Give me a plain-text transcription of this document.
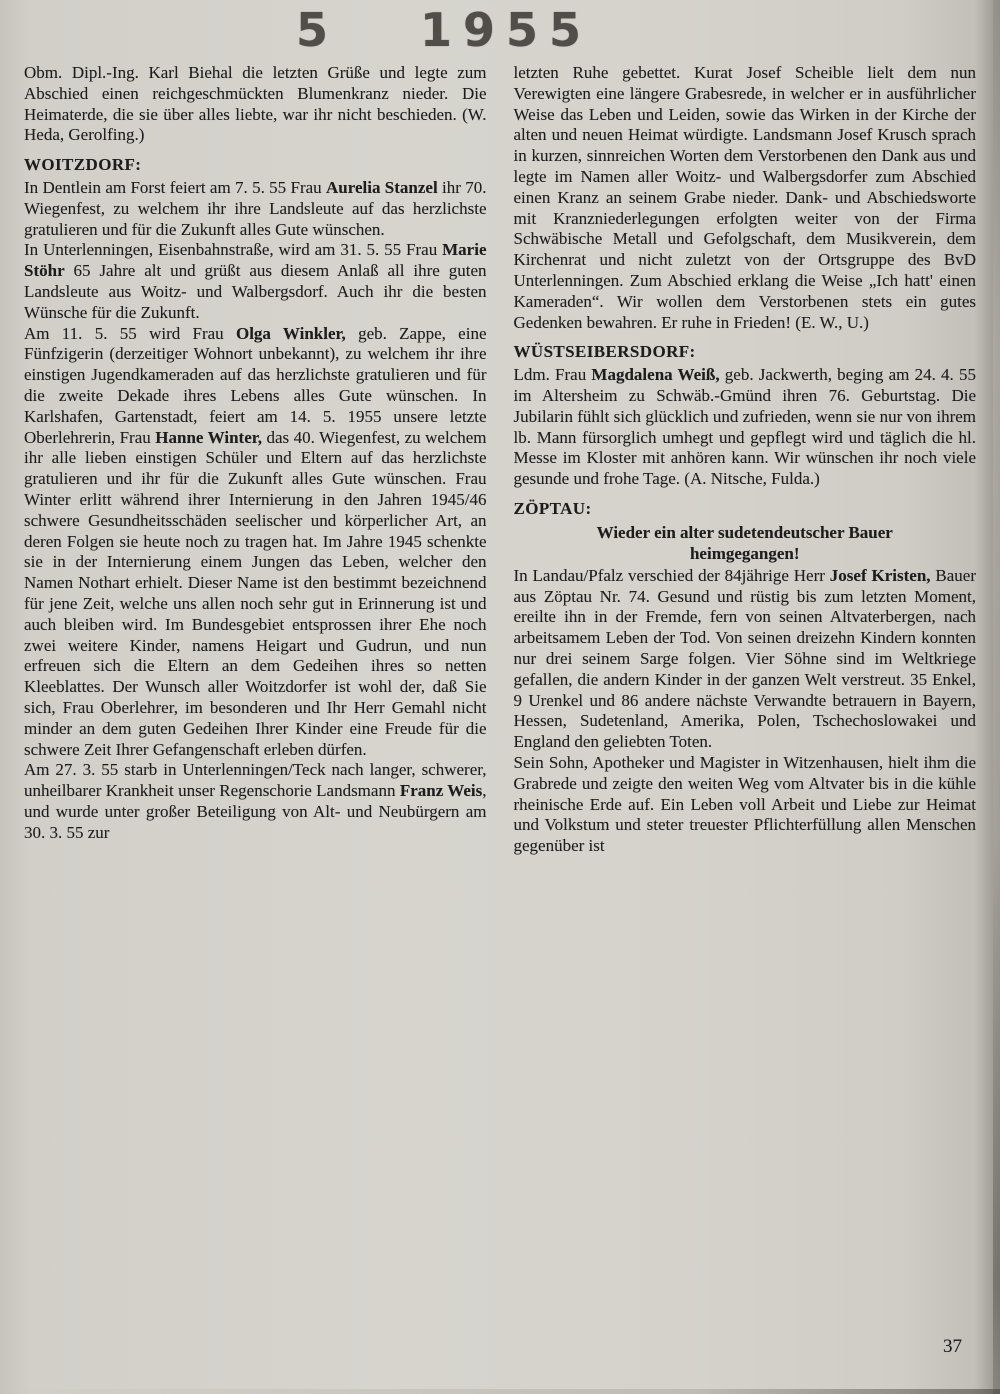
5 1955

Obm. Dipl.-Ing. Karl Biehal die letzten Grüße und legte zum Abschied einen reichgeschmückten Blumenkranz nieder. Die Heimaterde, die sie über alles liebte, war ihr nicht beschieden. (W. Heda, Gerolfing.)

WOITZDORF:

In Dentlein am Forst feiert am 7. 5. 55 Frau Aurelia Stanzel ihr 70. Wiegenfest, zu welchem ihr ihre Landsleute auf das herzlichste gratulieren und für die Zukunft alles Gute wünschen.

In Unterlenningen, Eisenbahnstraße, wird am 31. 5. 55 Frau Marie Stöhr 65 Jahre alt und grüßt aus diesem Anlaß all ihre guten Landsleute aus Woitz- und Walbergsdorf. Auch ihr die besten Wünsche für die Zukunft.

Am 11. 5. 55 wird Frau Olga Winkler, geb. Zappe, eine Fünfzigerin (derzeitiger Wohnort unbekannt), zu welchem ihr ihre einstigen Jugendkameraden auf das herzlichste gratulieren und für die zweite Dekade ihres Lebens alles Gute wünschen. In Karlshafen, Gartenstadt, feiert am 14. 5. 1955 unsere letzte Oberlehrerin, Frau Hanne Winter, das 40. Wiegenfest, zu welchem ihr alle lieben einstigen Schüler und Eltern auf das herzlichste gratulieren und ihr für die Zukunft alles Gute wünschen. Frau Winter erlitt während ihrer Internierung in den Jahren 1945/46 schwere Gesundheitsschäden seelischer und körperlicher Art, an deren Folgen sie heute noch zu tragen hat. Im Jahre 1945 schenkte sie in der Internierung einem Jungen das Leben, welcher den Namen Nothart erhielt. Dieser Name ist den bestimmt bezeichnend für jene Zeit, welche uns allen noch sehr gut in Erinnerung ist und auch bleiben wird. Im Bundesgebiet entsprossen ihrer Ehe noch zwei weitere Kinder, namens Heigart und Gudrun, und nun erfreuen sich die Eltern an dem Gedeihen ihres so netten Kleeblattes. Der Wunsch aller Woitzdorfer ist wohl der, daß Sie sich, Frau Oberlehrer, im besonderen und Ihr Herr Gemahl nicht minder an dem guten Gedeihen Ihrer Kinder eine Freude für die schwere Zeit Ihrer Gefangenschaft erleben dürfen.

Am 27. 3. 55 starb in Unterlenningen/Teck nach langer, schwerer, unheilbarer Krankheit unser Regenschorie Landsmann Franz Weis, und wurde unter großer Beteiligung von Alt- und Neubürgern am 30. 3. 55 zur

letzten Ruhe gebettet. Kurat Josef Scheible lielt dem nun Verewigten eine längere Grabesrede, in welcher er in ausführlicher Weise das Leben und Leiden, sowie das Wirken in der Kirche der alten und neuen Heimat würdigte. Landsmann Josef Krusch sprach in kurzen, sinnreichen Worten dem Verstorbenen den Dank aus und legte im Namen aller Woitz- und Walbergsdorfer zum Abschied einen Kranz an seinem Grabe nieder. Dank- und Abschiedsworte mit Kranzniederlegungen erfolgten weiter von der Firma Schwäbische Metall und Gefolgschaft, dem Musikverein, dem Kirchenrat und nicht zuletzt von der Ortsgruppe des BvD Unterlenningen. Zum Abschied erklang die Weise „Ich hatt' einen Kameraden“. Wir wollen dem Verstorbenen stets ein gutes Gedenken bewahren. Er ruhe in Frieden! (E. W., U.)

WÜSTSEIBERSDORF:

Ldm. Frau Magdalena Weiß, geb. Jackwerth, beging am 24. 4. 55 im Altersheim zu Schwäb.-Gmünd ihren 76. Geburtstag. Die Jubilarin fühlt sich glücklich und zufrieden, wenn sie nur von ihrem lb. Mann fürsorglich umhegt und gepflegt wird und täglich die hl. Messe im Kloster mit anhören kann. Wir wünschen ihr noch viele gesunde und frohe Tage. (A. Nitsche, Fulda.)

ZÖPTAU:
Wieder ein alter sudetendeutscher Bauer heimgegangen!

In Landau/Pfalz verschied der 84jährige Herr Josef Kristen, Bauer aus Zöptau Nr. 74. Gesund und rüstig bis zum letzten Moment, ereilte ihn in der Fremde, fern von seinen Altvaterbergen, nach arbeitsamem Leben der Tod. Von seinen dreizehn Kindern konnten nur drei seinem Sarge folgen. Vier Söhne sind im Weltkriege gefallen, die andern Kinder in der ganzen Welt verstreut. 35 Enkel, 9 Urenkel und 86 andere nächste Verwandte betrauern in Bayern, Hessen, Sudetenland, Amerika, Polen, Tschechoslowakei und England den geliebten Toten.

Sein Sohn, Apotheker und Magister in Witzenhausen, hielt ihm die Grabrede und zeigte den weiten Weg vom Altvater bis in die kühle rheinische Erde auf. Ein Leben voll Arbeit und Liebe zur Heimat und Volkstum und steter treuester Pflichterfüllung allen Menschen gegenüber ist

37
